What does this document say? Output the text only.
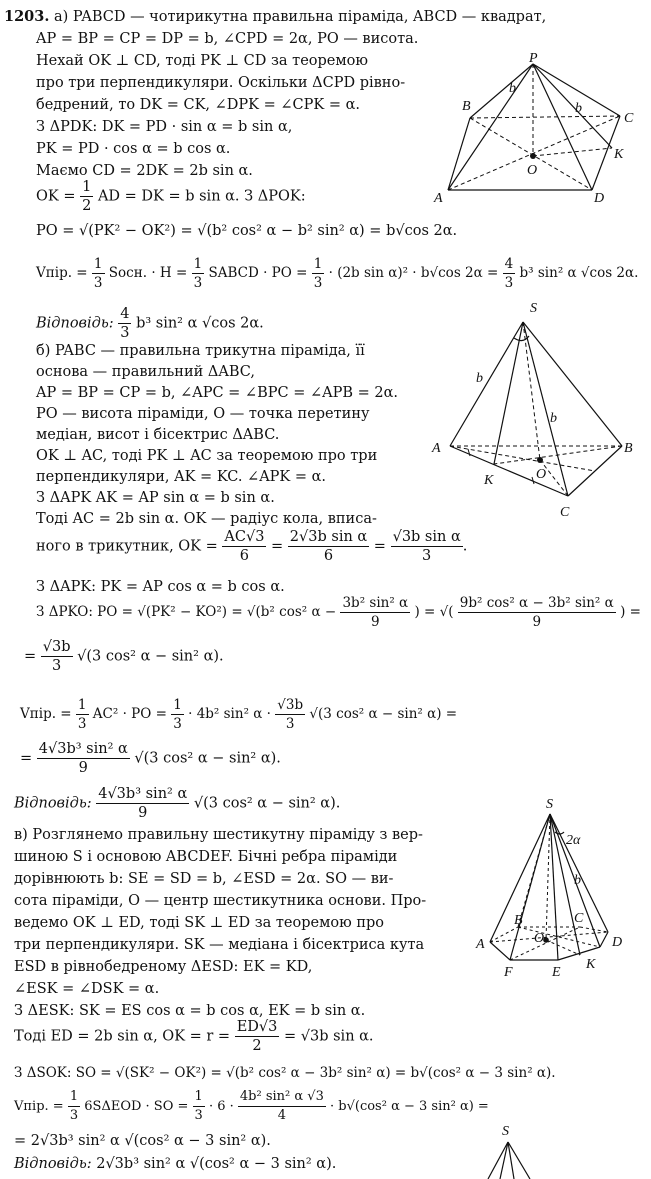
1203. а) PABCD — чотирикутна правильна піраміда, ABCD — квадрат,
AP = BP = CP = DP = b, ∠CPD = 2α, PO — висота.
Нехай OK ⊥ CD, тоді PK ⊥ CD за теоремою
про три перпендикуляри. Оскільки ΔCPD рівно-
бедрений, то DK = CK, ∠DPK = ∠CPK = α.
З ΔPDK: DK = PD · sin α = b sin α,
PK = PD · cos α = b cos α.
Маємо CD = 2DK = 2b sin α.
OK = $\frac{1}{2}$ AD = DK = b sin α. З ΔPOK:
PO = √(PK² − OK²) = √(b² cos² α − b² sin² α) = b√cos 2α.
Vпір. = $\frac{1}{3}$ Sосн. · $H = \frac{1}{3}$ SABCD · PO = $\frac{1}{3} \cdot (2b$ sin α)² · b√cos $2\alpha = \frac{4}{3} b^3$ sin² α √cos 2α.
Відповідь: $\frac{4}{3} b^3$ sin² α √cos 2α.
б) PABC — правильна трикутна піраміда, її
основа — правильний ΔABC,
AP = BP = CP = b, ∠APC = ∠BPC = ∠APB = 2α.
PO — висота піраміди, O — точка перетину
медіан, висот і бісектрис ΔABC.
OK ⊥ AC, тоді PK ⊥ AC за теоремою про три
перпендикуляри, AK = KC. ∠APK = α.
З ΔAPK AK = AP sin α = b sin α.
Тоді AC = 2b sin α. OK — радіус кола, вписа-
ного в трикутник, OK = $\frac{AC√3}{6} = \frac{\text{2√3b sin α}}{6} = \frac{\text{√3b sin α}}{3}$ .
З ΔAPK: PK = AP cos α = b cos α.
З ΔPKO: PO = √(PK² − KO²) = √(b² cos² $\alpha - \frac{\text{3b² sin² α}}{9}$ ) = √( $\frac{\text{9b² cos² α − 3b² sin² α}}{9}$ ) =
= $\frac{√3b}{3} √(3$ cos² α − sin² α).
Vпір. = $\frac{1}{3} AC^2$ · PO = $\frac{1}{3} \cdot 4b^2$ sin² $\alpha \cdot \frac{√3b}{3} √(3$ cos² α − sin² α) =
= $\frac{\text{4√3b³ sin² α}}{9} √(3$ cos² α − sin² α).
Відповідь: $\frac{\text{4√3b³ sin² α}}{9} √(3$ cos² α − sin² α).
в) Розглянемо правильну шестикутну піраміду з вер-
шиною S і основою ABCDEF. Бічні ребра піраміди
дорівнюють b: SE = SD = b, ∠ESD = 2α. SO — ви-
сота піраміди, O — центр шестикутника основи. Про-
ведемо OK ⊥ ED, тоді SK ⊥ ED за теоремою про
три перпендикуляри. SK — медіана і бісектриса кута
ESD в рівнобедреному ΔESD: EK = KD,
∠ESK = ∠DSK = α.
З ΔESK: SK = ES cos α = b cos α, EK = b sin α.
Тоді ED = 2b sin α, OK = $r = \frac{ED√3}{2} = √3b$ sin α.
З ΔSOK: SO = √(SK² − OK²) = √(b² cos² α − 3b² sin² α) = b√(cos² α − 3 sin² α).
Vпір. = $\frac{1}{3} 6S\Delta EOD$ · SO = $\frac{1}{3} \cdot 6 \cdot \frac{\text{4b² sin² α √3}}{4} \cdot b√(\cos^2$ α − 3 sin² α) =
= 2√3b³ sin² α √(cos² α − 3 sin² α).
Відповідь: 2√3b³ sin² α √(cos² α − 3 sin² α).
P
B
C
A	D
O
K
b
b
S
A	B
C
O
K
b
b
S
2α
b
A
B	C
D
E
F
O
K
S
